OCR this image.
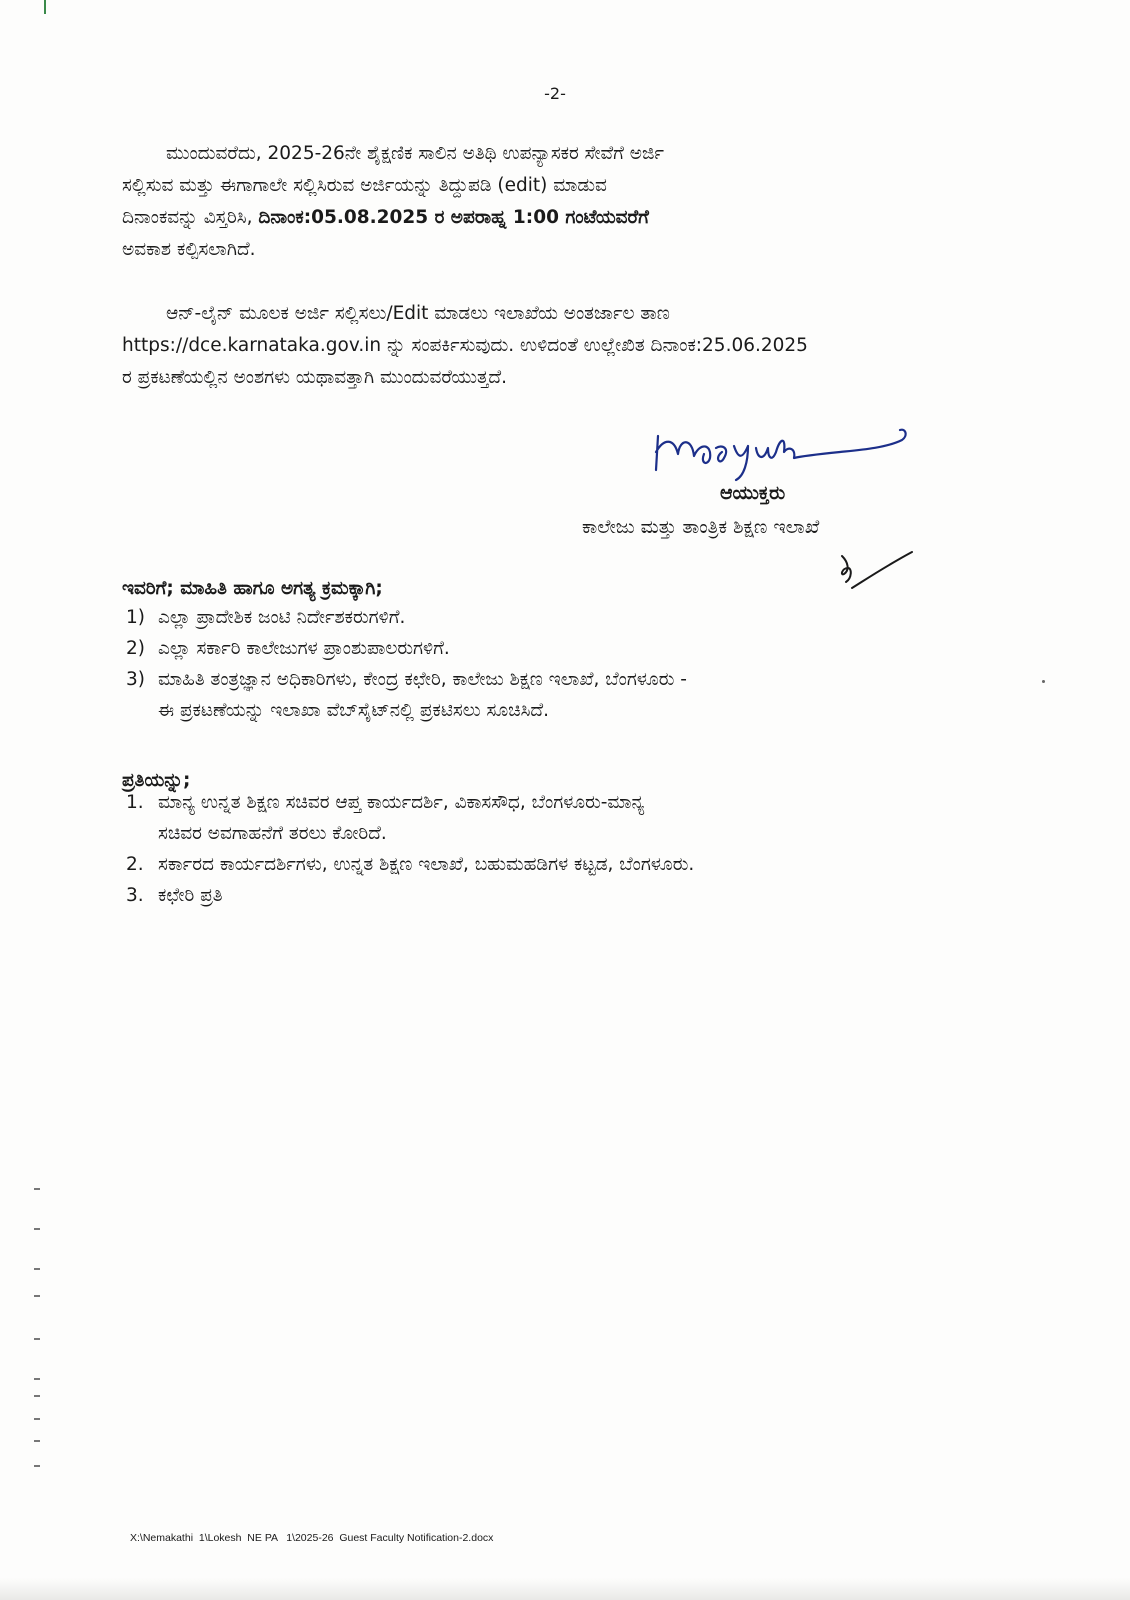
-2-
ಮುಂದುವರೆದು, 2025-26ನೇ ಶೈಕ್ಷಣಿಕ ಸಾಲಿನ ಅತಿಥಿ ಉಪನ್ಯಾಸಕರ ಸೇವೆಗೆ ಅರ್ಜಿ
ಸಲ್ಲಿಸುವ ಮತ್ತು ಈಗಾಗಾಲೇ ಸಲ್ಲಿಸಿರುವ ಅರ್ಜಿಯನ್ನು ತಿದ್ದುಪಡಿ (edit) ಮಾಡುವ
ದಿನಾಂಕವನ್ನು ವಿಸ್ತರಿಸಿ, ದಿನಾಂಕ:05.08.2025 ರ ಅಪರಾಹ್ನ 1:00 ಗಂಟೆಯವರೆಗೆ
ಅವಕಾಶ ಕಲ್ಪಿಸಲಾಗಿದೆ.
ಆನ್-ಲೈನ್ ಮೂಲಕ ಅರ್ಜಿ ಸಲ್ಲಿಸಲು/Edit ಮಾಡಲು ಇಲಾಖೆಯ ಅಂತರ್ಜಾಲ ತಾಣ
https://dce.karnataka.gov.in ನ್ನು ಸಂಪರ್ಕಿಸುವುದು. ಉಳಿದಂತೆ ಉಲ್ಲೇಖಿತ ದಿನಾಂಕ:25.06.2025
ರ ಪ್ರಕಟಣೆಯಲ್ಲಿನ ಅಂಶಗಳು ಯಥಾವತ್ತಾಗಿ ಮುಂದುವರೆಯುತ್ತದೆ.
ಆಯುಕ್ತರು
ಕಾಲೇಜು ಮತ್ತು ತಾಂತ್ರಿಕ ಶಿಕ್ಷಣ ಇಲಾಖೆ
ಇವರಿಗೆ; ಮಾಹಿತಿ ಹಾಗೂ ಅಗತ್ಯ ಕ್ರಮಕ್ಕಾಗಿ;
1) ಎಲ್ಲಾ ಪ್ರಾದೇಶಿಕ ಜಂಟಿ ನಿರ್ದೇಶಕರುಗಳಿಗೆ.
2) ಎಲ್ಲಾ ಸರ್ಕಾರಿ ಕಾಲೇಜುಗಳ ಪ್ರಾಂಶುಪಾಲರುಗಳಿಗೆ.
3) ಮಾಹಿತಿ ತಂತ್ರಜ್ಞಾನ ಅಧಿಕಾರಿಗಳು, ಕೇಂದ್ರ ಕಛೇರಿ, ಕಾಲೇಜು ಶಿಕ್ಷಣ ಇಲಾಖೆ, ಬೆಂಗಳೂರು -
ಈ ಪ್ರಕಟಣೆಯನ್ನು ಇಲಾಖಾ ವೆಬ್‌ಸೈಟ್‌ನಲ್ಲಿ ಪ್ರಕಟಿಸಲು ಸೂಚಿಸಿದೆ.
ಪ್ರತಿಯನ್ನು;
1. ಮಾನ್ಯ ಉನ್ನತ ಶಿಕ್ಷಣ ಸಚಿವರ ಆಪ್ತ ಕಾರ್ಯದರ್ಶಿ, ವಿಕಾಸಸೌಧ, ಬೆಂಗಳೂರು-ಮಾನ್ಯ
ಸಚಿವರ ಅವಗಾಹನೆಗೆ ತರಲು ಕೋರಿದೆ.
2. ಸರ್ಕಾರದ ಕಾರ್ಯದರ್ಶಿಗಳು, ಉನ್ನತ ಶಿಕ್ಷಣ ಇಲಾಖೆ, ಬಹುಮಹಡಿಗಳ ಕಟ್ಟಡ, ಬೆಂಗಳೂರು.
3. ಕಛೇರಿ ಪ್ರತಿ
X:\Nemakathi  1\Lokesh  NE PA   1\2025-26  Guest Faculty Notification-2.docx
